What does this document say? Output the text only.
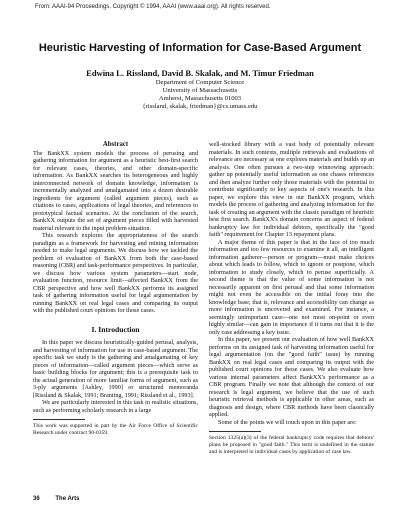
From: AAAI-94 Proceedings. Copyright © 1994, AAAI (www.aaai.org). All rights reserved.
Heuristic Harvesting of Information for Case-Based Argument
Edwina L. Rissland, David B. Skalak, and M. Timur Friedman
Department of Computer Science
University of Massachusetts
Amherst, Massachusetts 01003
{rissland, skalak, friedman}@cs.umass.edu
Abstract

The BankXX system models the process of perusing and gathering information for argument as a heuristic best-first search for relevant cases, theories, and other domain-specific information. As BankXX searches its heterogeneous and highly interconnected network of domain knowledge, information is incrementally analyzed and amalgamated into a dozen desirable ingredients for argument (called argument pieces), such as citations to cases, applications of legal theories, and references to prototypical factual scenarios. At the conclusion of the search, BankXX outputs the set of argument pieces filled with harvested material relevant to the input problem situation.

This research explores the appropriateness of the search paradigm as a framework for harvesting and mining information needed to make legal arguments. We discuss how we tackled the problem of evaluation of BankXX from both the case-based reasoning (CBR) and task-performance perspectives. In particular, we discuss how various system parameters—start node, evaluation function, resource limit—affected BankXX from the CBR perspective and how well BankXX performs its assigned task of gathering information useful for legal argumentation by running BankXX on real legal cases and comparing its output with the published court opinions for those cases.

I. Introduction

In this paper we discuss heuristically-guided perusal, analysis, and harvesting of information for use in case-based argument. The specific task we study is the gathering and amalgamating of key pieces of information—called argument pieces—which serve as basic building blocks for argument; this is a prerequisite task to the actual generation of more familiar forms of argument, such as 3-ply arguments [Ashley, 1990] or structured memoranda [Rissland & Skalak, 1991; Branting, 1991; Rissland et al., 1993].

We are particularly interested in this task in realistic situations, such as performing scholarly research in a large

This work was supported in part by the Air Force Office of Scientific Research under contract 90-0359.

well-stocked library with a vast body of potentially relevant materials. In such contexts, multiple retrievals and evaluations of relevance are necessary as one explores materials and builds up an analysis. One often pursues a two-step winnowing approach: gather up potentially useful information as one chases references and then analyze further only those materials with the potential to contribute significantly to key aspects of one's research. In this paper, we explore this view in our BankXX program, which models the process of gathering and analyzing information for the task of creating an argument with the classic paradigm of heuristic best first search. BankXX's domain concerns an aspect of federal bankruptcy law for individual debtors, specifically the "good faith" requirement for Chapter 13 repayment plans.

A major theme of this paper is that in the face of too much information and too few resources to examine it all, an intelligent information gatherer—person or program—must make choices about which leads to follow, which to ignore or postpone, which information to study closely, which to peruse superficially. A second theme is that the value of some information is not necessarily apparent on first perusal and that some information might not even be accessible on the initial foray into the knowledge base; that is, relevance and accessibility can change as more information is uncovered and examined. For instance, a seemingly unimportant case—one not most on-point or even highly similar—can gain in importance if it turns out that it is the only case addressing a key issue.

In this paper, we present our evaluation of how well BankXX performs on its assigned task of harvesting information useful for legal argumentation (on the "good faith" issue) by running BankXX on real legal cases and comparing its output with the published court opinions for those cases. We also evaluate how various internal parameters affect BankXX's performance as a CBR program. Finally we note that although the context of our research is legal argument, we believe that the use of such heuristic retrieval methods is applicable in other areas, such as diagnosis and design, where CBR methods have been classically applied.

Some of the points we will touch upon in this paper are:

Section 1325(a)(3) of the federal bankruptcy code requires that debtors' plans be proposed in "good faith." This term is undefined in the statute and is interpreted in individual cases by application of case law.

36	The Arts
